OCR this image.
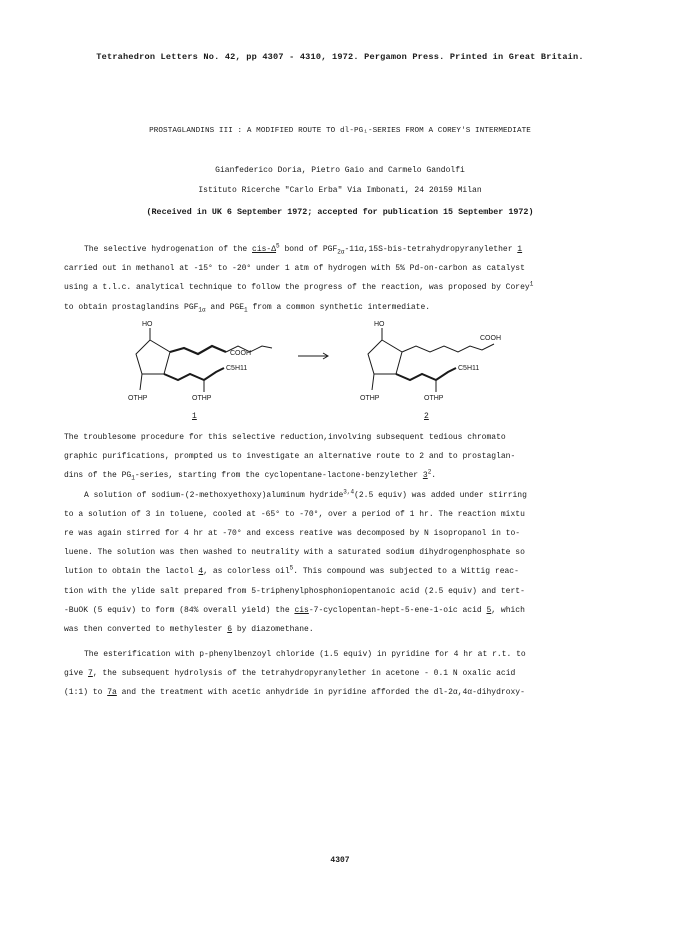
Tetrahedron Letters No. 42, pp 4307 - 4310, 1972. Pergamon Press. Printed in Great Britain.
PROSTAGLANDINS III : A MODIFIED ROUTE TO dl-PG₁-SERIES FROM A COREY'S INTERMEDIATE
Gianfederico Doria, Pietro Gaio and Carmelo Gandolfi
Istituto Ricerche "Carlo Erba" Via Imbonati, 24 20159 Milan
(Received in UK 6 September 1972; accepted for publication 15 September 1972)
The selective hydrogenation of the cis-$\Delta^5$ bond of $PGF_{2\alpha}-11\alpha,15S-bis$-tetrahydropyranylether 1
carried out in methanol at -15° to -20° under 1 atm of hydrogen with 5% Pd-on-carbon as catalyst
using a t.l.c. analytical technique to follow the progress of the reaction, was proposed by Corey$^1$
to obtain prostaglandins $PGF_{1\alpha}$ and $PGE_1$ from a common synthetic intermediate.
HO
COOH
C5H11
OTHP	OTHP
HO
COOH
C5H11
OTHP	OTHP
1	2
The troublesome procedure for this selective reduction,involving subsequent tedious chromato
graphic purifications, prompted us to investigate an alternative route to 2 and to prostaglan-
dins of the $PG_1$-series, starting from the cyclopentane-lactone-benzylether $3^2$.
A solution of sodium-(2-methoxyethoxy)aluminum hydride$^{3,4}$(2.5 equiv) was added under stirring
to a solution of 3 in toluene, cooled at -65° to -70°, over a period of 1 hr. The reaction mixtu
re was again stirred for 4 hr at -70° and excess reative was decomposed by N isopropanol in to-
luene. The solution was then washed to neutrality with a saturated sodium dihydrogenphosphate so
lution to obtain the lactol 4, as colorless oil$^5$. This compound was subjected to a Wittig reac-
tion with the ylide salt prepared from 5-triphenylphosphoniopentanoic acid (2.5 equiv) and tert-
-BuOK (5 equiv) to form (84% overall yield) the cis-7-cyclopentan-hept-5-ene-1-oic acid 5, which
was then converted to methylester 6 by diazomethane.
The esterification with p-phenylbenzoyl chloride (1.5 equiv) in pyridine for 4 hr at r.t. to
give 7, the subsequent hydrolysis of the tetrahydropyranylether in acetone - 0.1 N oxalic acid
(1:1) to 7a and the treatment with acetic anhydride in pyridine afforded the dl-2α,4α-dihydroxy-
4307
